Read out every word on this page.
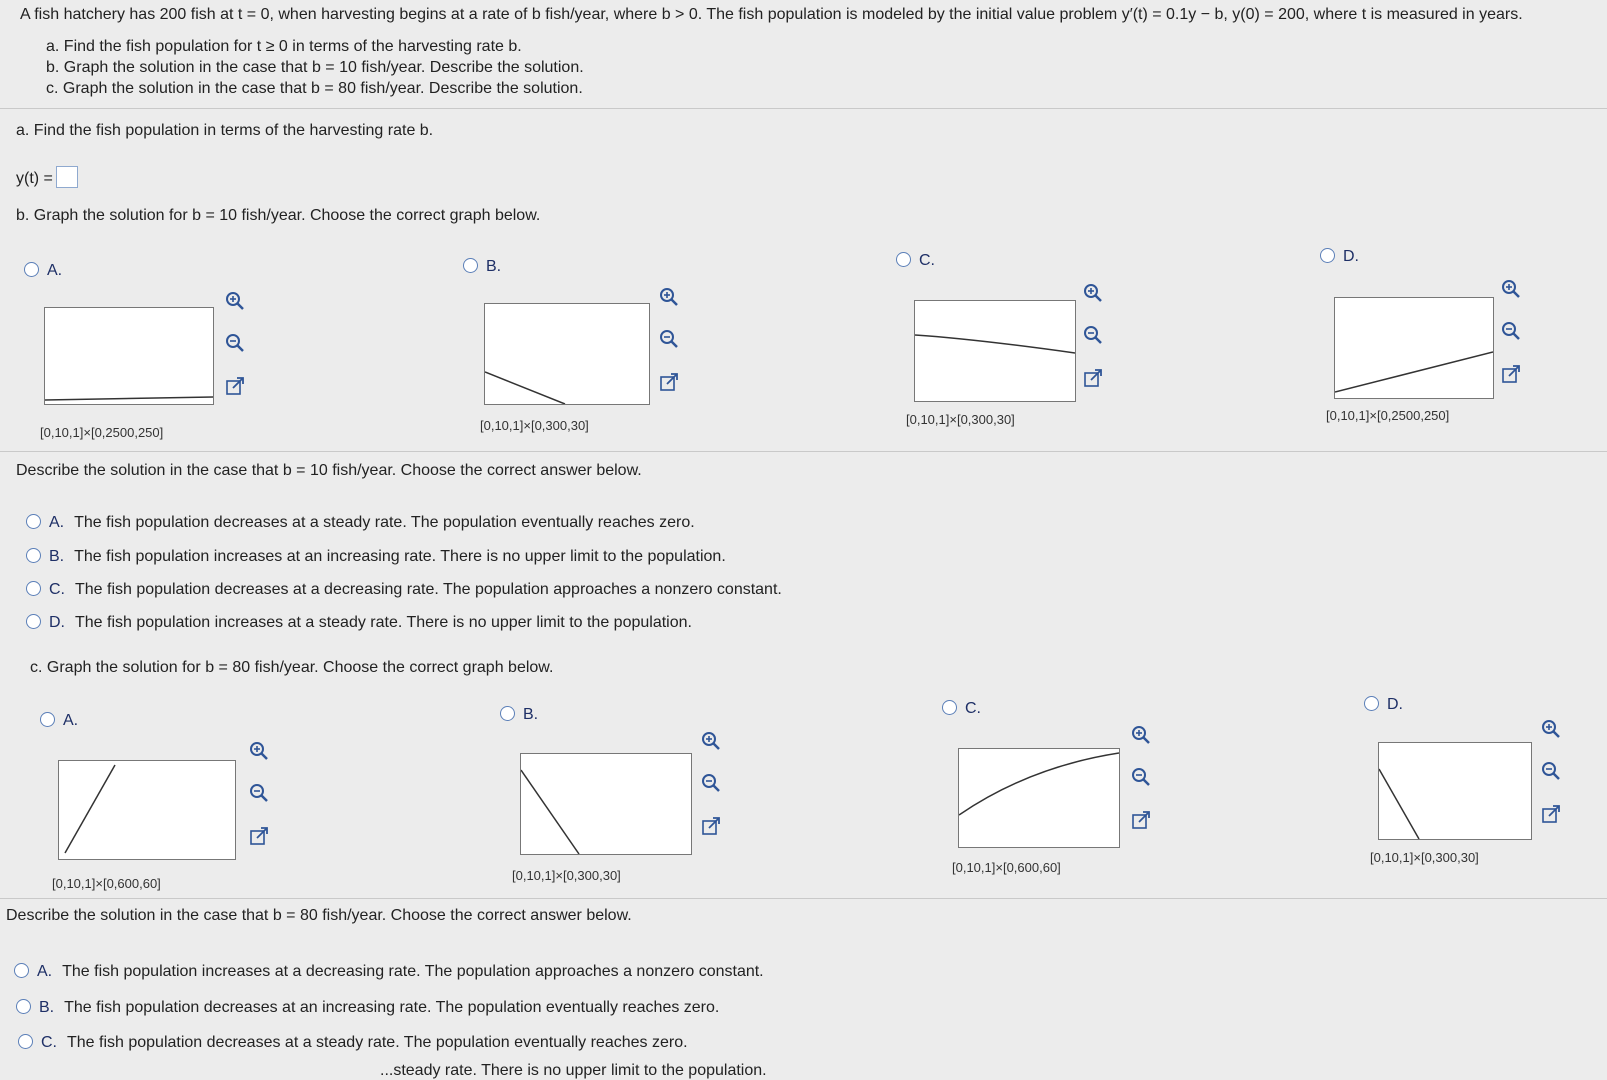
A fish hatchery has 200 fish at t = 0, when harvesting begins at a rate of b fish/year, where b > 0. The fish population is modeled by the initial value problem y′(t) = 0.1y − b, y(0) = 200, where t is measured in years.
a. Find the fish population for t ≥ 0 in terms of the harvesting rate b.
b. Graph the solution in the case that b = 10 fish/year. Describe the solution.
c. Graph the solution in the case that b = 80 fish/year. Describe the solution.
a. Find the fish population in terms of the harvesting rate b.
y(t) =
b. Graph the solution for b = 10 fish/year. Choose the correct graph below.
A.
[0,10,1]×[0,2500,250]
B.
[0,10,1]×[0,300,30]
C.
[0,10,1]×[0,300,30]
D.
[0,10,1]×[0,2500,250]
Describe the solution in the case that b = 10 fish/year. Choose the correct answer below.
A. The fish population decreases at a steady rate. The population eventually reaches zero.
B. The fish population increases at an increasing rate. There is no upper limit to the population.
C. The fish population decreases at a decreasing rate. The population approaches a nonzero constant.
D. The fish population increases at a steady rate. There is no upper limit to the population.
c. Graph the solution for b = 80 fish/year. Choose the correct graph below.
A.
[0,10,1]×[0,600,60]
B.
[0,10,1]×[0,300,30]
C.
[0,10,1]×[0,600,60]
D.
[0,10,1]×[0,300,30]
Describe the solution in the case that b = 80 fish/year. Choose the correct answer below.
A. The fish population increases at a decreasing rate. The population approaches a nonzero constant.
B. The fish population decreases at an increasing rate. The population eventually reaches zero.
C. The fish population decreases at a steady rate. The population eventually reaches zero.
...steady rate. There is no upper limit to the population.
